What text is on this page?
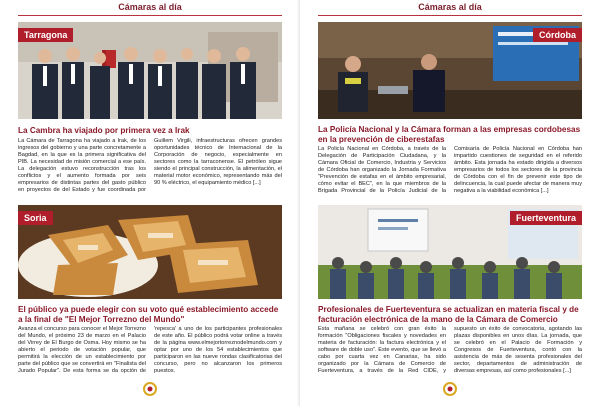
Cámaras al día
Tarragona
La Cambra ha viajado por primera vez a Irak
La Cámara de Tarragona ha viajado a Irak, de los ingresos del gobierno y una parte concretamente a Bagdad, en la que es la primera significativa del PIB. La necesidad de misión comercial a ese país. La delegación estuvo reconstrucción tras los conflictos y el aumento formada por seis empresarios de distintas partes del gasto público en proyectos de del Estado y fue coordinada por Guillem Virgili, infraestructuras ofrecen grandes oportunidades técnico de Internacional de la Corporación de negocio, especialmente en sectores como la tarraconense. El petróleo sigue siendo el principal construcción, la alimentación, el material motor económico, representando más del 90 % eléctrico, el equipamiento médico [...]
Soria
El público ya puede elegir con su voto qué establecimiento accede a la final de "El Mejor Torrezno del Mundo"
Avanza el concurso para conocer el Mejor Torrezno del Mundo, el próximo 23 de marzo en el Palacio del Virrey de El Burgo de Osma. Hoy mismo se ha abierto el periodo de votación popular, que permitirá la elección de un establecimiento por parte del público que se convertirá en "Finalista del Jurado Popular". De esta forma se da opción de 'repesca' a uno de los participantes profesionales de este año. El público podrá votar online a través de la página www.elmejortorreznodelmundo.com y optar por uno de los 54 establecimientos que participaron en las nueve rondas clasificatorias del concurso, pero no alcanzaron los primeros puestos.
Cámaras al día
Córdoba
La Policía Nacional y la Cámara forman a las empresas cordobesas en la prevención de ciberestafas
La Policía Nacional en Córdoba, a través de la Delegación de Participación Ciudadana, y la Cámara Oficial de Comercio, Industria y Servicios de Córdoba han organizado la Jornada Formativa "Prevención de estafas en el ámbito empresarial, cómo evitar el BEC", en la que miembros de la Brigada Provincial de la Policía Judicial de la Comisaría de Policía Nacional en Córdoba han impartido cuestiones de seguridad en el referido ámbito. Esta jornada ha estado dirigida a diversos empresarios de todos los sectores de la provincia de Córdoba con el fin de prevenir este tipo de delincuencia, la cual puede afectar de manera muy negativa a la viabilidad económica [...]
Fuerteventura
Profesionales de Fuerteventura se actualizan en materia fiscal y de facturación electrónica de la mano de la Cámara de Comercio
Esta mañana se celebró con gran éxito la formación "Obligaciones fiscales y novedades en materia de facturación: la factura electrónica y el software de doble uso". Este evento, que se llevó a cabo por cuarta vez en Canarias, ha sido organizado por la Cámara de Comercio de Fuerteventura, a través de la Red CIDE, y supuesto un éxito de convocatoria, agotando las plazas disponibles en unos días. La jornada, que se celebró en el Palacio de Formación y Congresos de Fuerteventura, contó con la asistencia de más de sesenta profesionales del sector, departamentos de administración de diversas empresas, así como profesionales [...]
